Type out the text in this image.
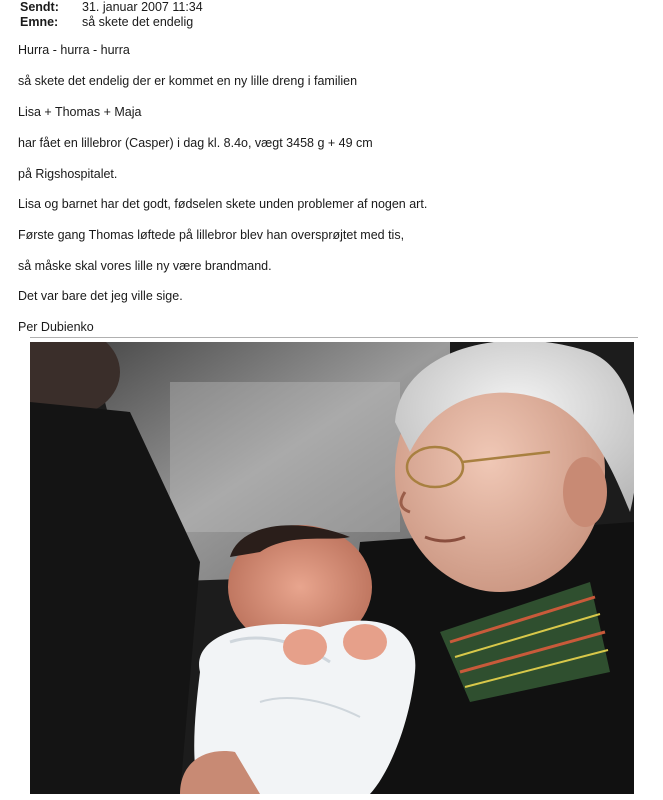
Sendt:	31. januar 2007 11:34
Emne:	så skete det endelig
Hurra - hurra - hurra
så skete det endelig der er kommet en ny lille dreng i familien
Lisa + Thomas + Maja
har fået en lillebror (Casper) i dag kl. 8.4o, vægt 3458 g + 49 cm
på Rigshospitalet.
Lisa og barnet har det godt, fødselen skete unden problemer af nogen art.
Første gang Thomas løftede på lillebror blev han oversprøjtet med tis,
så måske skal vores lille ny være brandmand.
Det var bare det jeg ville sige.
Per Dubienko
